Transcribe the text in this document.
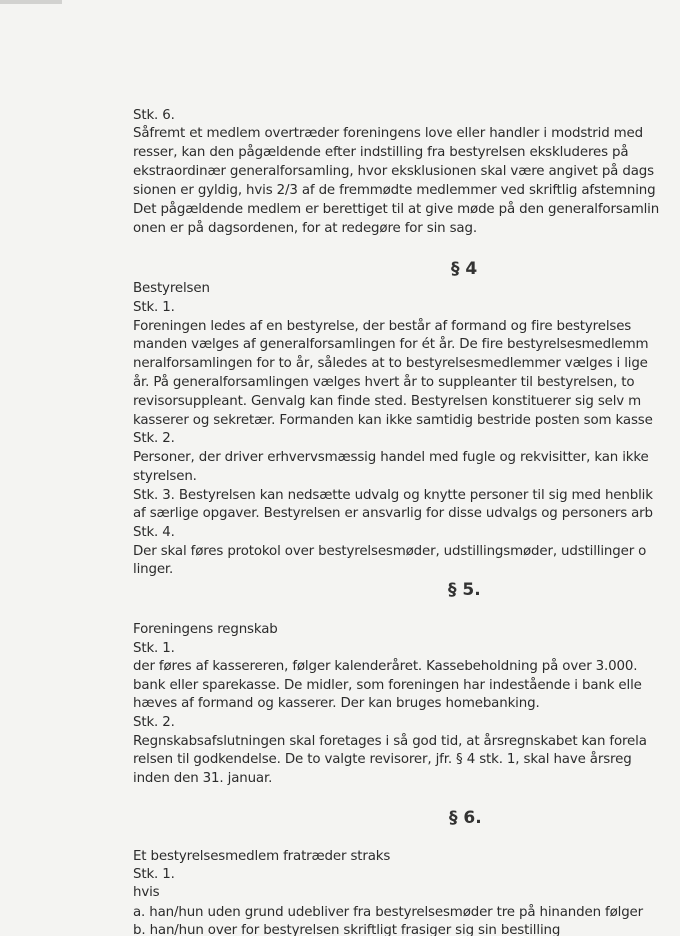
Stk. 6.
Såfremt et medlem overtræder foreningens love eller handler i modstrid med
resser, kan den pågældende efter indstilling fra bestyrelsen ekskluderes på
ekstraordinær generalforsamling, hvor eksklusionen skal være angivet på dags
sionen er gyldig, hvis 2/3 af de fremmødte medlemmer ved skriftlig afstemning
Det pågældende medlem er berettiget til at give møde på den generalforsamlin
onen er på dagsordenen, for at redegøre for sin sag.
§ 4
Bestyrelsen
Stk. 1.
Foreningen ledes af en bestyrelse, der består af formand og fire bestyrelses
manden vælges af generalforsamlingen for ét år. De fire bestyrelsesmedlemm
neralforsamlingen for to år, således at to bestyrelsesmedlemmer vælges i lige
år. På generalforsamlingen vælges hvert år to suppleanter til bestyrelsen, to
revisorsuppleant. Genvalg kan finde sted. Bestyrelsen konstituerer sig selv m
kasserer og sekretær. Formanden kan ikke samtidig bestride posten som kasse
Stk. 2.
Personer, der driver erhvervsmæssig handel med fugle og rekvisitter, kan ikke
styrelsen.
Stk. 3. Bestyrelsen kan nedsætte udvalg og knytte personer til sig med henblik
af særlige opgaver. Bestyrelsen er ansvarlig for disse udvalgs og personers arb
Stk. 4.
Der skal føres protokol over bestyrelsesmøder, udstillingsmøder, udstillinger o
linger.
§ 5.
Foreningens regnskab
Stk. 1.
der føres af kassereren, følger kalenderåret. Kassebeholdning på over 3.000.
bank eller sparekasse. De midler, som foreningen har indestående i bank elle
hæves af formand og kasserer. Der kan bruges homebanking.
Stk. 2.
Regnskabsafslutningen skal foretages i så god tid, at årsregnskabet kan forela
relsen til godkendelse. De to valgte revisorer, jfr. § 4 stk. 1, skal have årsreg
inden den 31. januar.
§ 6.
Et bestyrelsesmedlem fratræder straks
Stk. 1.
hvis
a. han/hun uden grund udebliver fra bestyrelsesmøder tre på hinanden følger
b. han/hun over for bestyrelsen skriftligt frasiger sig sin bestilling
